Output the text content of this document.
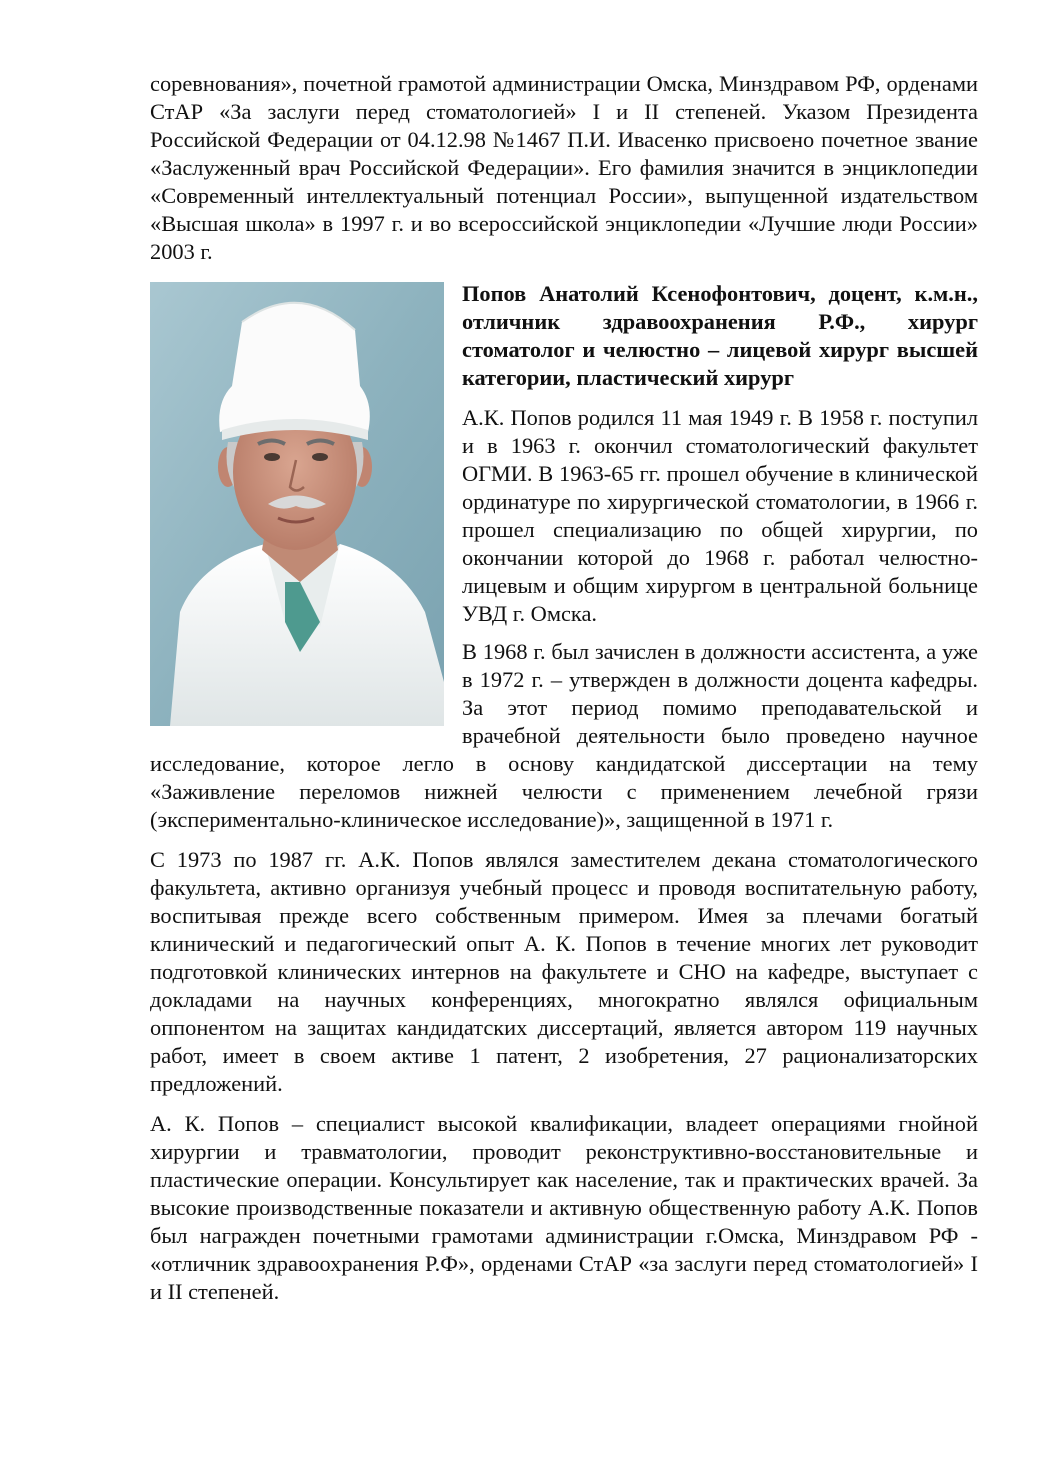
соревнования», почетной грамотой администрации Омска, Минздравом РФ, орденами СтАР «За заслуги перед стоматологией» I и II степеней. Указом Президента Российской Федерации от 04.12.98 №1467 П.И. Ивасенко присвоено почетное звание «Заслуженный врач Российской Федерации». Его фамилия значится в энциклопедии «Современный интеллектуальный потенциал России», выпущенной издательством «Высшая школа» в 1997 г. и во всероссийской энциклопедии «Лучшие люди России» 2003 г.

Попов Анатолий Ксенофонтович, доцент, к.м.н., отличник здравоохранения Р.Ф., хирург стоматолог и челюстно – лицевой хирург высшей категории, пластический хирург

А.К. Попов родился 11 мая 1949 г. В 1958 г. поступил и в 1963 г. окончил стоматологический факультет ОГМИ. В 1963-65 гг. прошел обучение в клинической ординатуре по хирургической стоматологии, в 1966 г. прошел специализацию по общей хирургии, по окончании которой до 1968 г. работал челюстно-лицевым и общим хирургом в центральной больнице УВД г. Омска.

В 1968 г. был зачислен в должности ассистента, а уже в 1972 г. – утвержден в должности доцента кафедры. За этот период помимо преподавательской и врачебной деятельности было проведено научное исследование, которое легло в основу кандидатской диссертации на тему «Заживление переломов нижней челюсти с применением лечебной грязи (экспериментально-клиническое исследование)», защищенной в 1971 г.

С 1973 по 1987 гг. А.К. Попов являлся заместителем декана стоматологического факультета, активно организуя учебный процесс и проводя воспитательную работу, воспитывая прежде всего собственным примером. Имея за плечами богатый клинический и педагогический опыт А. К. Попов в течение многих лет руководит подготовкой клинических интернов на факультете и СНО на кафедре, выступает с докладами на научных конференциях, многократно являлся официальным оппонентом на защитах кандидатских диссертаций, является автором 119 научных работ, имеет в своем активе 1 патент, 2 изобретения, 27 рационализаторских предложений.

А. К. Попов – специалист высокой квалификации, владеет операциями гнойной хирургии и травматологии, проводит реконструктивно-восстановительные и пластические операции. Консультирует как население, так и практических врачей. За высокие производственные показатели и активную общественную работу А.К. Попов был награжден почетными грамотами администрации г.Омска, Минздравом РФ - «отличник здравоохранения Р.Ф», орденами СтАР «за заслуги перед стоматологией» I и II степеней.
